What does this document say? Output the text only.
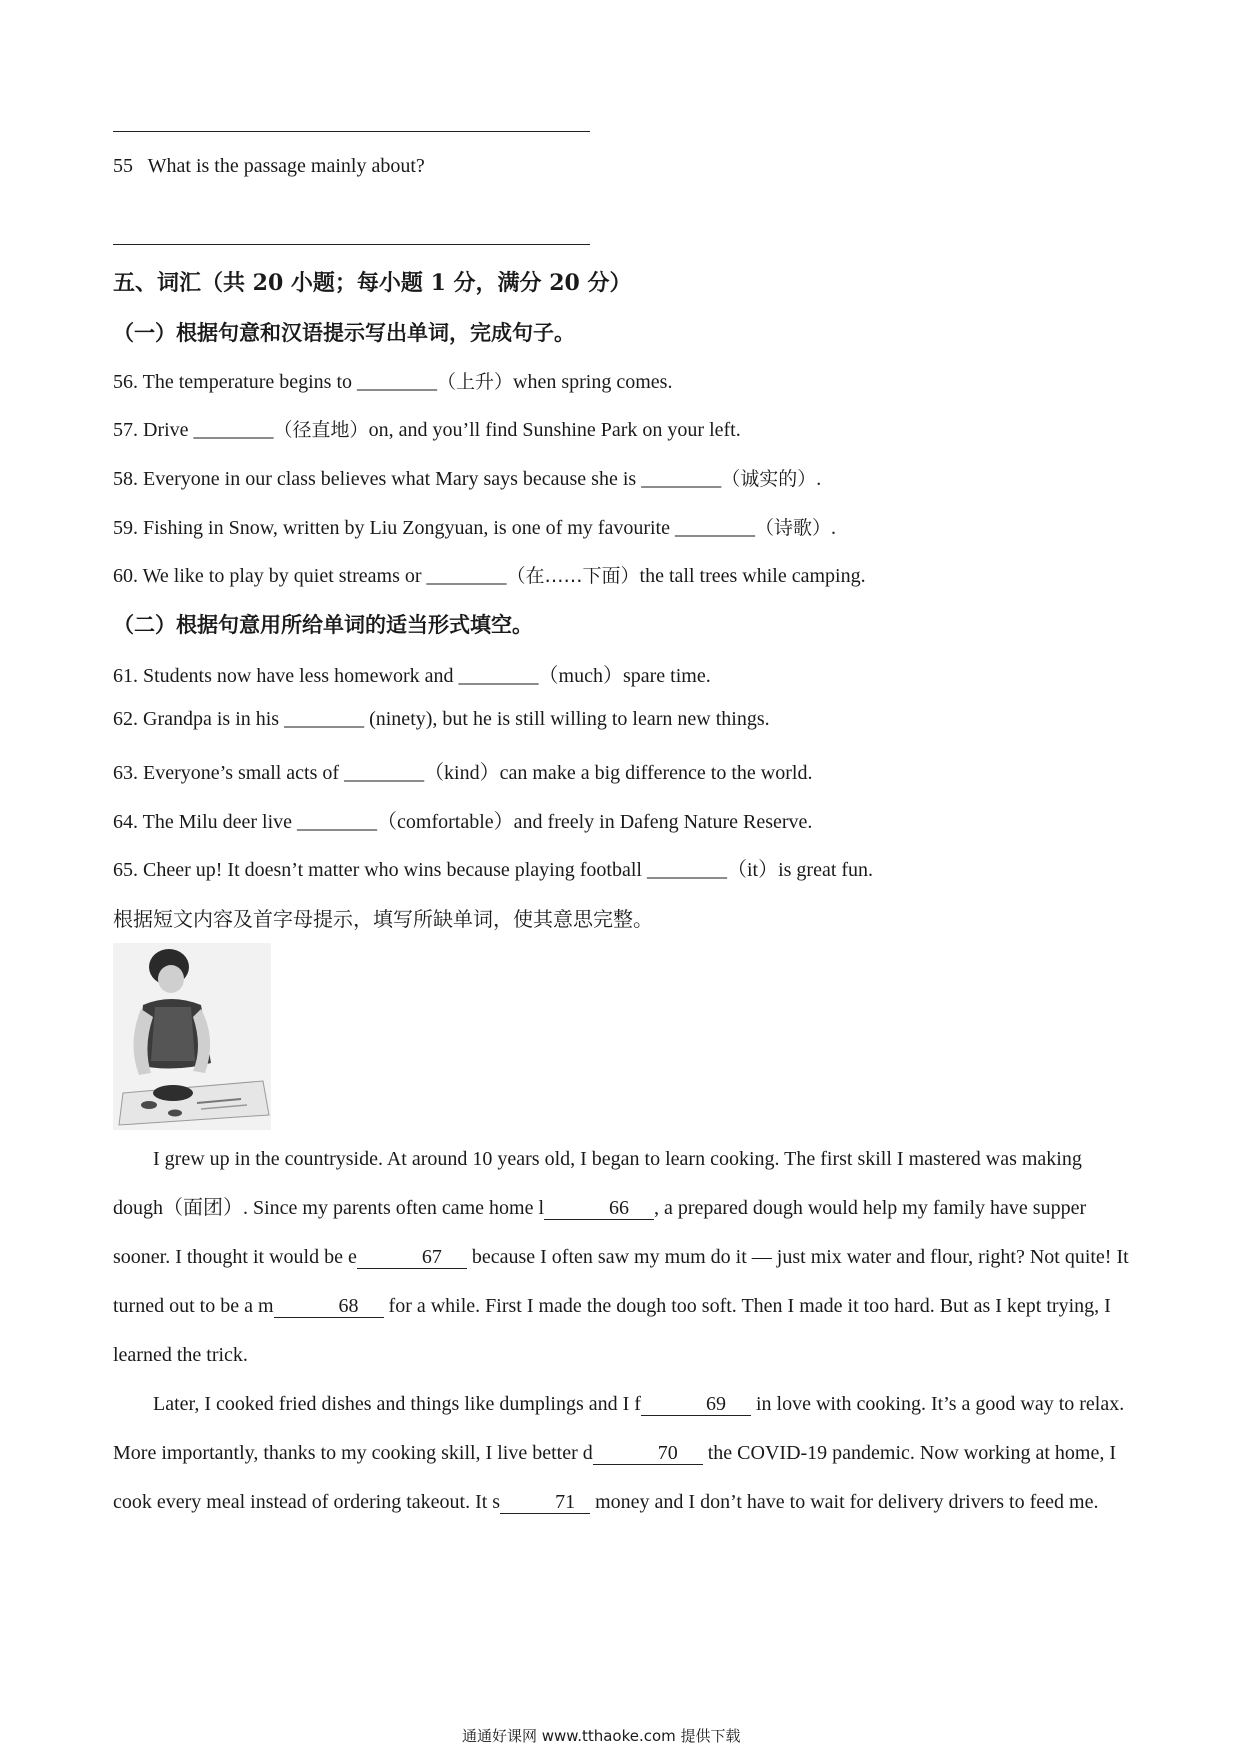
55 What is the passage mainly about?
五、词汇（共 20 小题；每小题 1 分，满分 20 分）
（一）根据句意和汉语提示写出单词，完成句子。
56. The temperature begins to ________（上升）when spring comes.
57. Drive ________（径直地）on, and you’ll find Sunshine Park on your left.
58. Everyone in our class believes what Mary says because she is ________（诚实的）.
59. Fishing in Snow, written by Liu Zongyuan, is one of my favourite ________（诗歌）.
60. We like to play by quiet streams or ________（在……下面）the tall trees while camping.
（二）根据句意用所给单词的适当形式填空。
61. Students now have less homework and ________（much）spare time.
62. Grandpa is in his ________ (ninety), but he is still willing to learn new things.
63. Everyone’s small acts of ________（kind）can make a big difference to the world.
64. The Milu deer live ________（comfortable）and freely in Dafeng Nature Reserve.
65. Cheer up! It doesn’t matter who wins because playing football ________（it）is great fun.
根据短文内容及首字母提示，填写所缺单词，使其意思完整。

I grew up in the countryside. At around 10 years old, I began to learn cooking. The first skill I mastered was making dough（面团）. Since my parents often came home l	66 , a prepared dough would help my family have supper sooner. I thought it would be e	67 because I often saw my mum do it — just mix water and flour, right? Not quite! It turned out to be a m	68 for a while. First I made the dough too soft. Then I made it too hard. But as I kept trying, I learned the trick.

Later, I cooked fried dishes and things like dumplings and I f	69 in love with cooking. It’s a good way to relax. More importantly, thanks to my cooking skill, I live better d	70 the COVID-19 pandemic. Now working at home, I cook every meal instead of ordering takeout. It s	71 money and I don’t have to wait for delivery drivers to feed me.

通通好课网 www.tthaoke.com 提供下载
